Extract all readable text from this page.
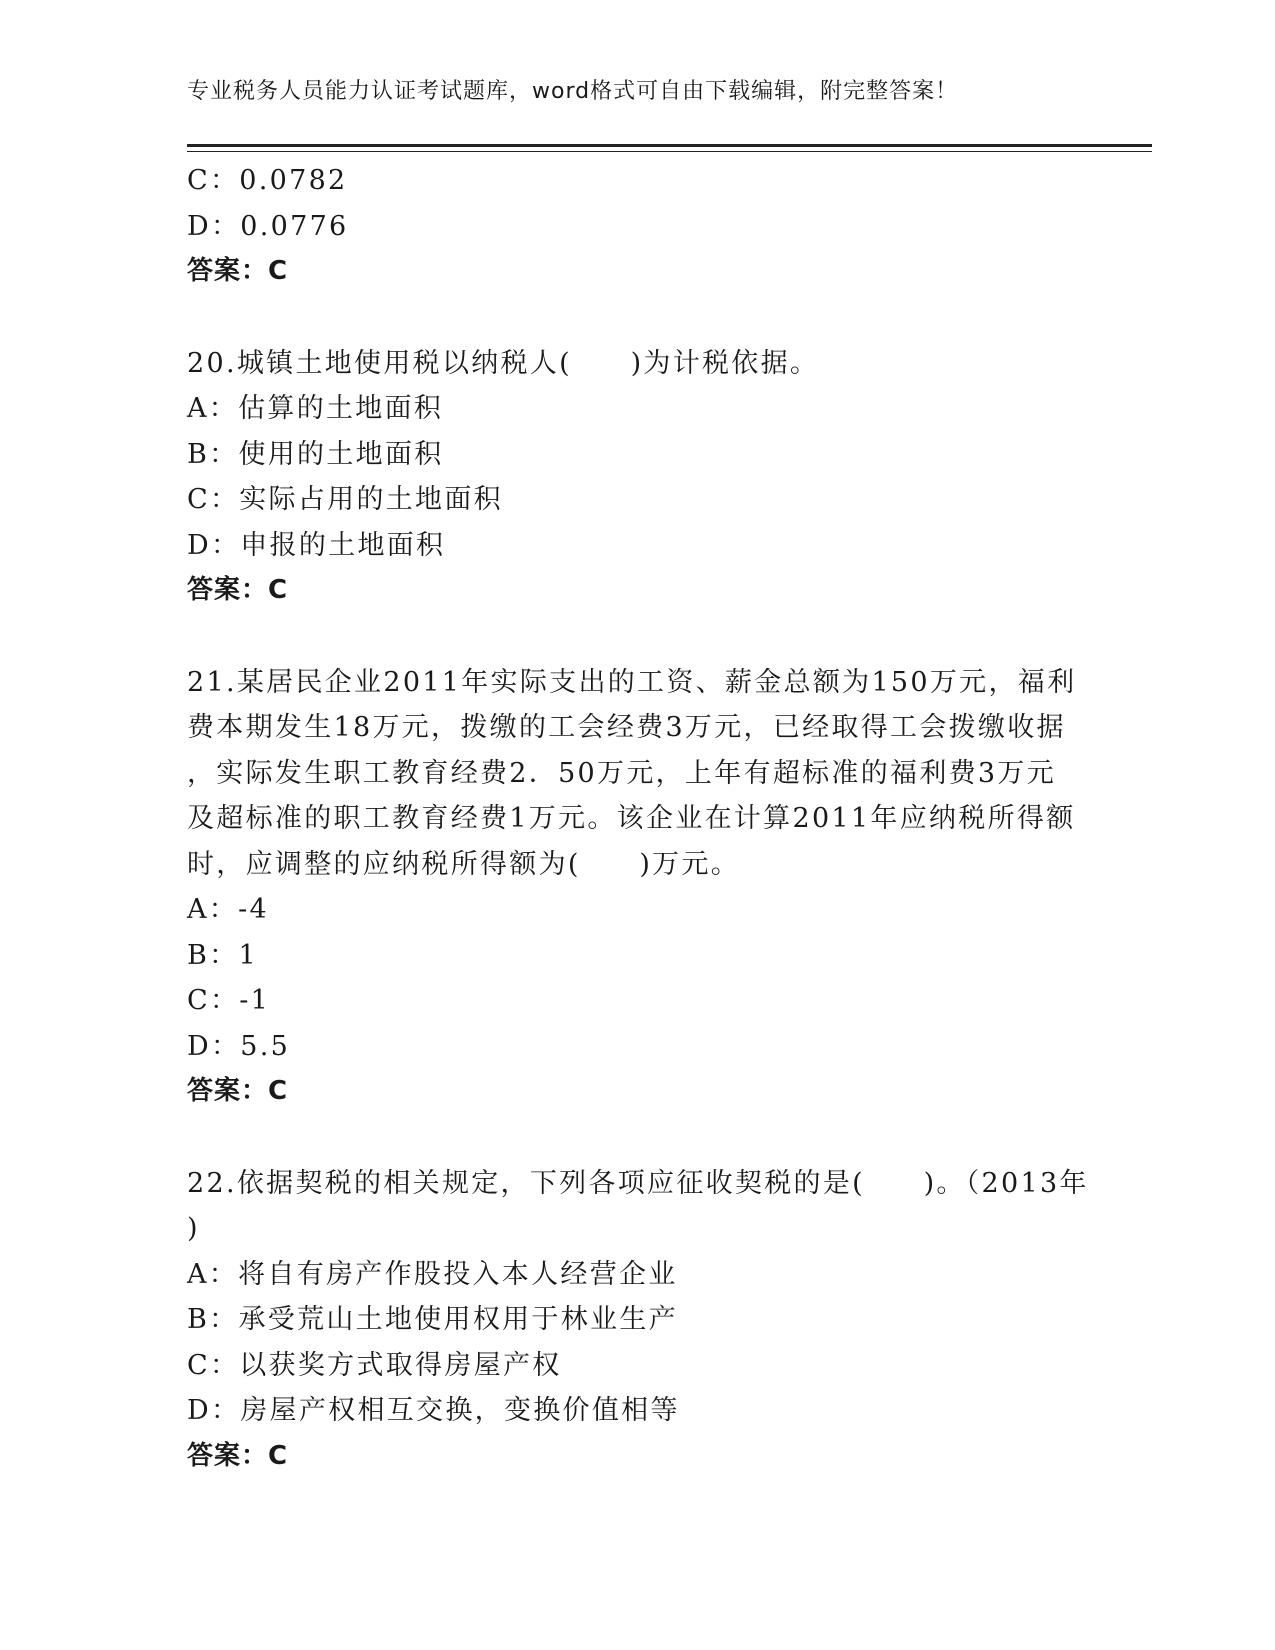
专业税务人员能力认证考试题库，word格式可自由下载编辑，附完整答案！
C：0.0782
D：0.0776
答案：C
20.城镇土地使用税以纳税人(　　)为计税依据。
A：估算的土地面积
B：使用的土地面积
C：实际占用的土地面积
D：申报的土地面积
答案：C
21.某居民企业2011年实际支出的工资、薪金总额为150万元，福利
费本期发生18万元，拨缴的工会经费3万元，已经取得工会拨缴收据
，实际发生职工教育经费2．50万元，上年有超标准的福利费3万元
及超标准的职工教育经费1万元。该企业在计算2011年应纳税所得额
时，应调整的应纳税所得额为(　　)万元。
A：-4
B：1
C：-1
D：5.5
答案：C
22.依据契税的相关规定，下列各项应征收契税的是(　　)。（2013年
)
A：将自有房产作股投入本人经营企业
B：承受荒山土地使用权用于林业生产
C：以获奖方式取得房屋产权
D：房屋产权相互交换，变换价值相等
答案：C
